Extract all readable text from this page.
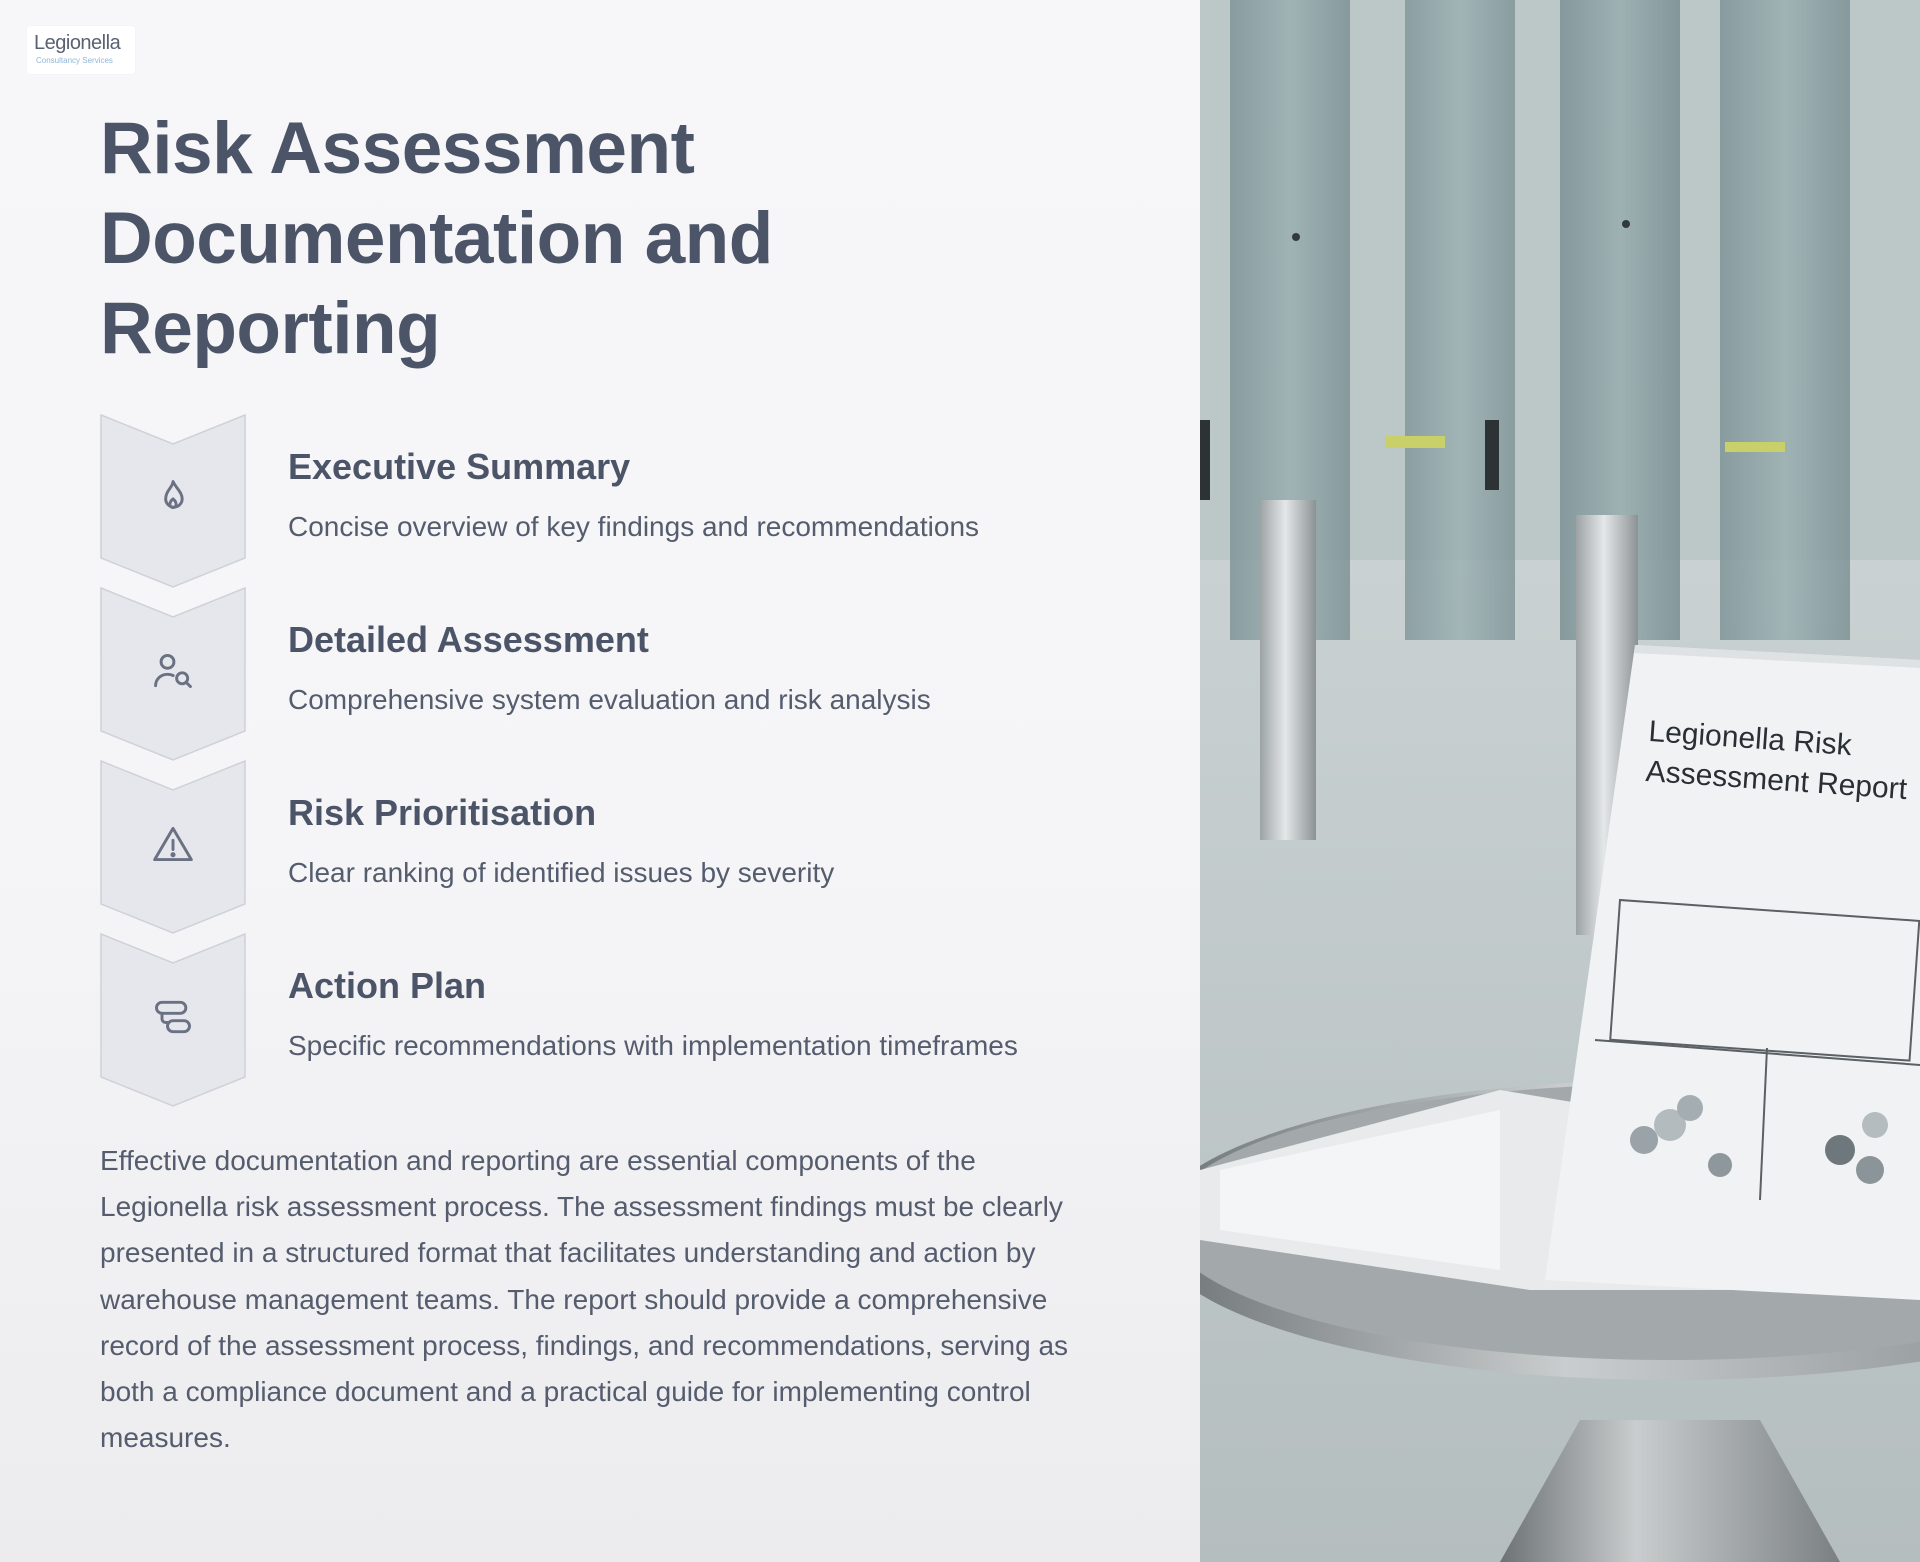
Legionella
Consultancy Services
Risk Assessment Documentation and Reporting
Executive Summary
Concise overview of key findings and recommendations
Detailed Assessment
Comprehensive system evaluation and risk analysis
Risk Prioritisation
Clear ranking of identified issues by severity
Action Plan
Specific recommendations with implementation timeframes

Effective documentation and reporting are essential components of the Legionella risk assessment process. The assessment findings must be clearly presented in a structured format that facilitates understanding and action by warehouse management teams. The report should provide a comprehensive record of the assessment process, findings, and recommendations, serving as both a compliance document and a practical guide for implementing control measures.

Legionella Risk
Assessment Report
